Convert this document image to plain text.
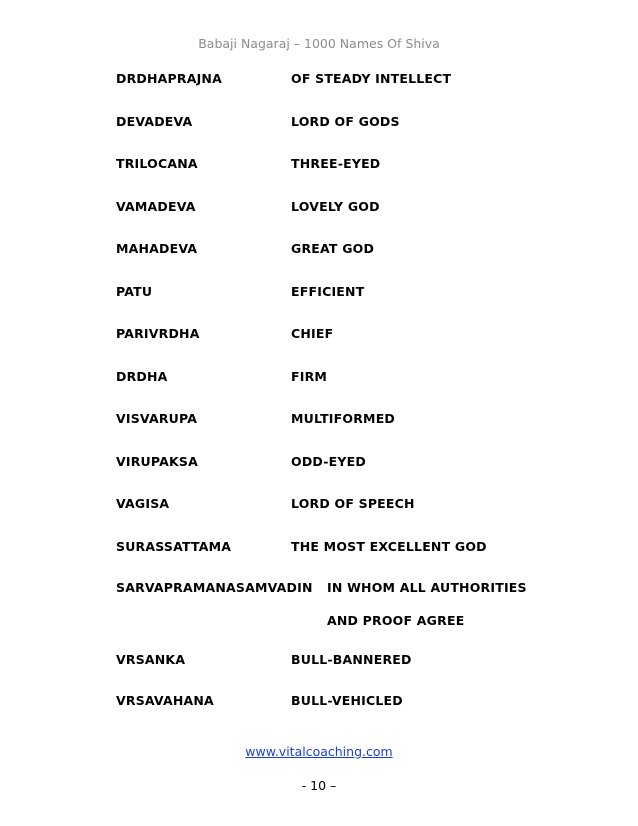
Babaji Nagaraj – 1000 Names Of Shiva
DRDHAPRAJNA	OF STEADY INTELLECT
DEVADEVA	LORD OF GODS
TRILOCANA	THREE-EYED
VAMADEVA	LOVELY GOD
MAHADEVA	GREAT GOD
PATU	EFFICIENT
PARIVRDHA	CHIEF
DRDHA	FIRM
VISVARUPA	MULTIFORMED
VIRUPAKSA	ODD-EYED
VAGISA	LORD OF SPEECH
SURASSATTAMA	THE MOST EXCELLENT GOD
SARVAPRAMANASAMVADIN IN WHOM ALL AUTHORITIES
AND PROOF AGREE
VRSANKA	BULL-BANNERED
VRSAVAHANA	BULL-VEHICLED
www.vitalcoaching.com
- 10 –
